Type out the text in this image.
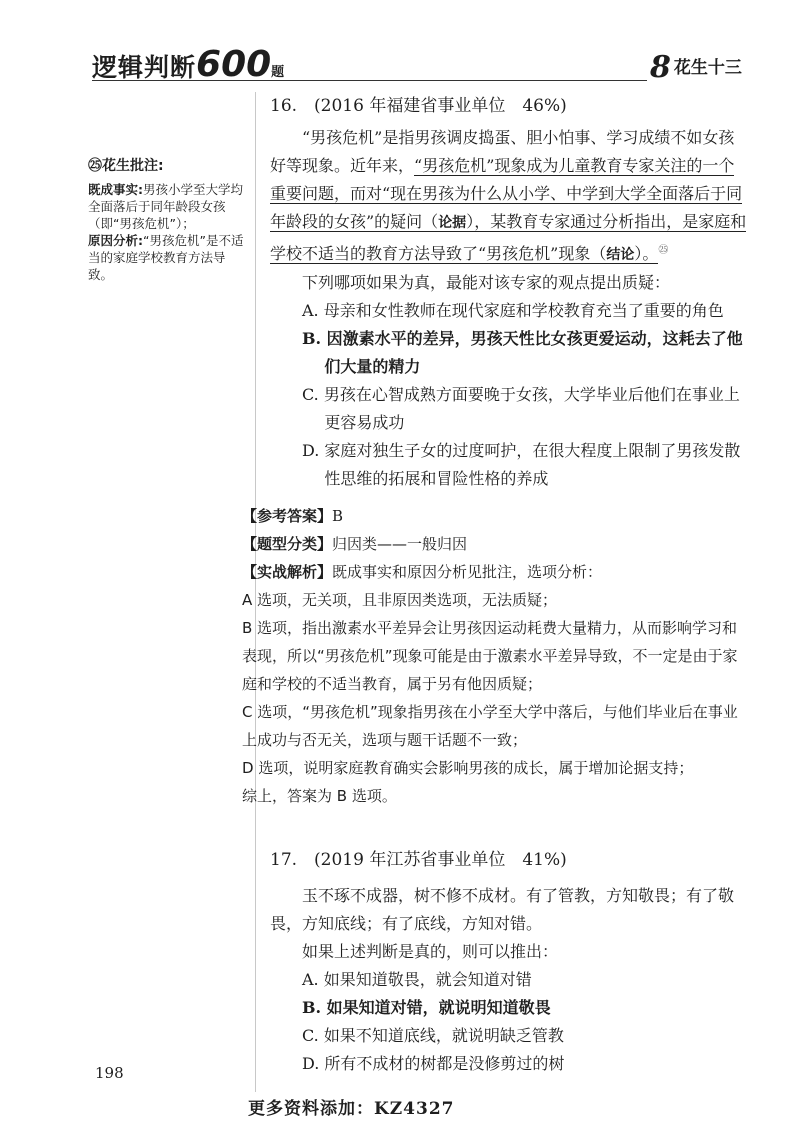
逻辑判断600题	8 花生十三
㉕花生批注:
既成事实:男孩小学至大学均全面落后于同年龄段女孩（即“男孩危机”）；
原因分析:“男孩危机”是不适当的家庭学校教育方法导致。
16.　(2016 年福建省事业单位　46%)
“男孩危机”是指男孩调皮捣蛋、胆小怕事、学习成绩不如女孩好等现象。近年来，“男孩危机”现象成为儿童教育专家关注的一个重要问题，而对“现在男孩为什么从小学、中学到大学全面落后于同年龄段的女孩”的疑问（论据），某教育专家通过分析指出，是家庭和学校不适当的教育方法导致了“男孩危机”现象（结论）。$^㉕$
下列哪项如果为真，最能对该专家的观点提出质疑：
A. 母亲和女性教师在现代家庭和学校教育充当了重要的角色
B. 因激素水平的差异，男孩天性比女孩更爱运动，这耗去了他们大量的精力
C. 男孩在心智成熟方面要晚于女孩，大学毕业后他们在事业上更容易成功
D. 家庭对独生子女的过度呵护，在很大程度上限制了男孩发散性思维的拓展和冒险性格的养成
【参考答案】B
【题型分类】归因类——一般归因
【实战解析】既成事实和原因分析见批注，选项分析：
A 选项，无关项，且非原因类选项，无法质疑；
B 选项，指出激素水平差异会让男孩因运动耗费大量精力，从而影响学习和表现，所以“男孩危机”现象可能是由于激素水平差异导致，不一定是由于家庭和学校的不适当教育，属于另有他因质疑；
C 选项，“男孩危机”现象指男孩在小学至大学中落后，与他们毕业后在事业上成功与否无关，选项与题干话题不一致；
D 选项，说明家庭教育确实会影响男孩的成长，属于增加论据支持；
综上，答案为 B 选项。
17.　(2019 年江苏省事业单位　41%)
玉不琢不成器，树不修不成材。有了管教，方知敬畏；有了敬畏，方知底线；有了底线，方知对错。
如果上述判断是真的，则可以推出：
A. 如果知道敬畏，就会知道对错
B. 如果知道对错，就说明知道敬畏
C. 如果不知道底线，就说明缺乏管教
D. 所有不成材的树都是没修剪过的树
198
更多资料添加：KZ4327
